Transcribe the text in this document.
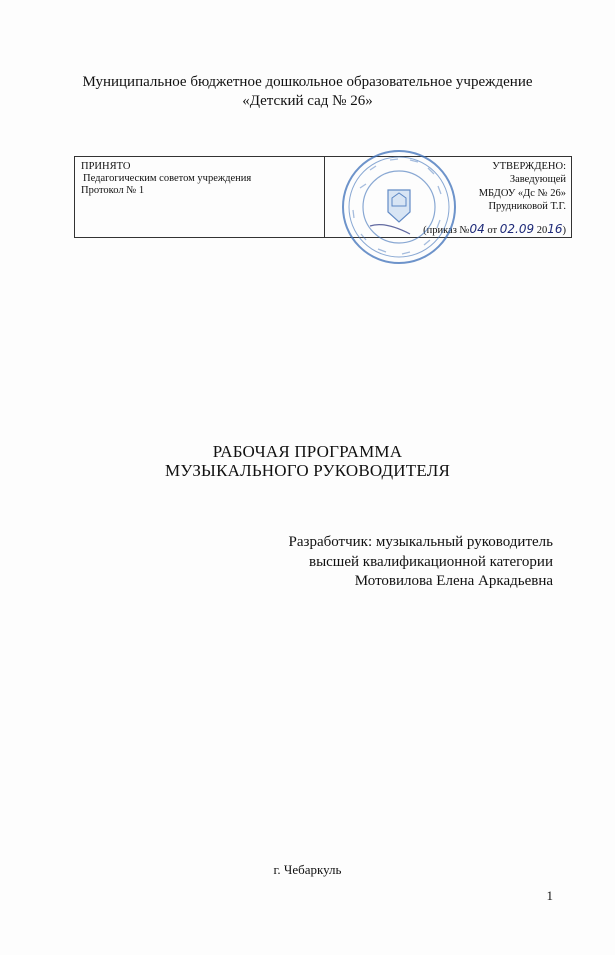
Муниципальное бюджетное дошкольное образовательное учреждение
«Детский сад № 26»
ПРИНЯТО
Педагогическим советом учреждения
Протокол № 1
УТВЕРЖДЕНО:
Заведующей
МБДОУ «Дс № 26»
Прудниковой Т.Г.
(приказ №04 от 02.09 2016)
РАБОЧАЯ ПРОГРАММА
МУЗЫКАЛЬНОГО РУКОВОДИТЕЛЯ
Разработчик: музыкальный руководитель
высшей квалификационной категории
Мотовилова Елена Аркадьевна
г. Чебаркуль
1
